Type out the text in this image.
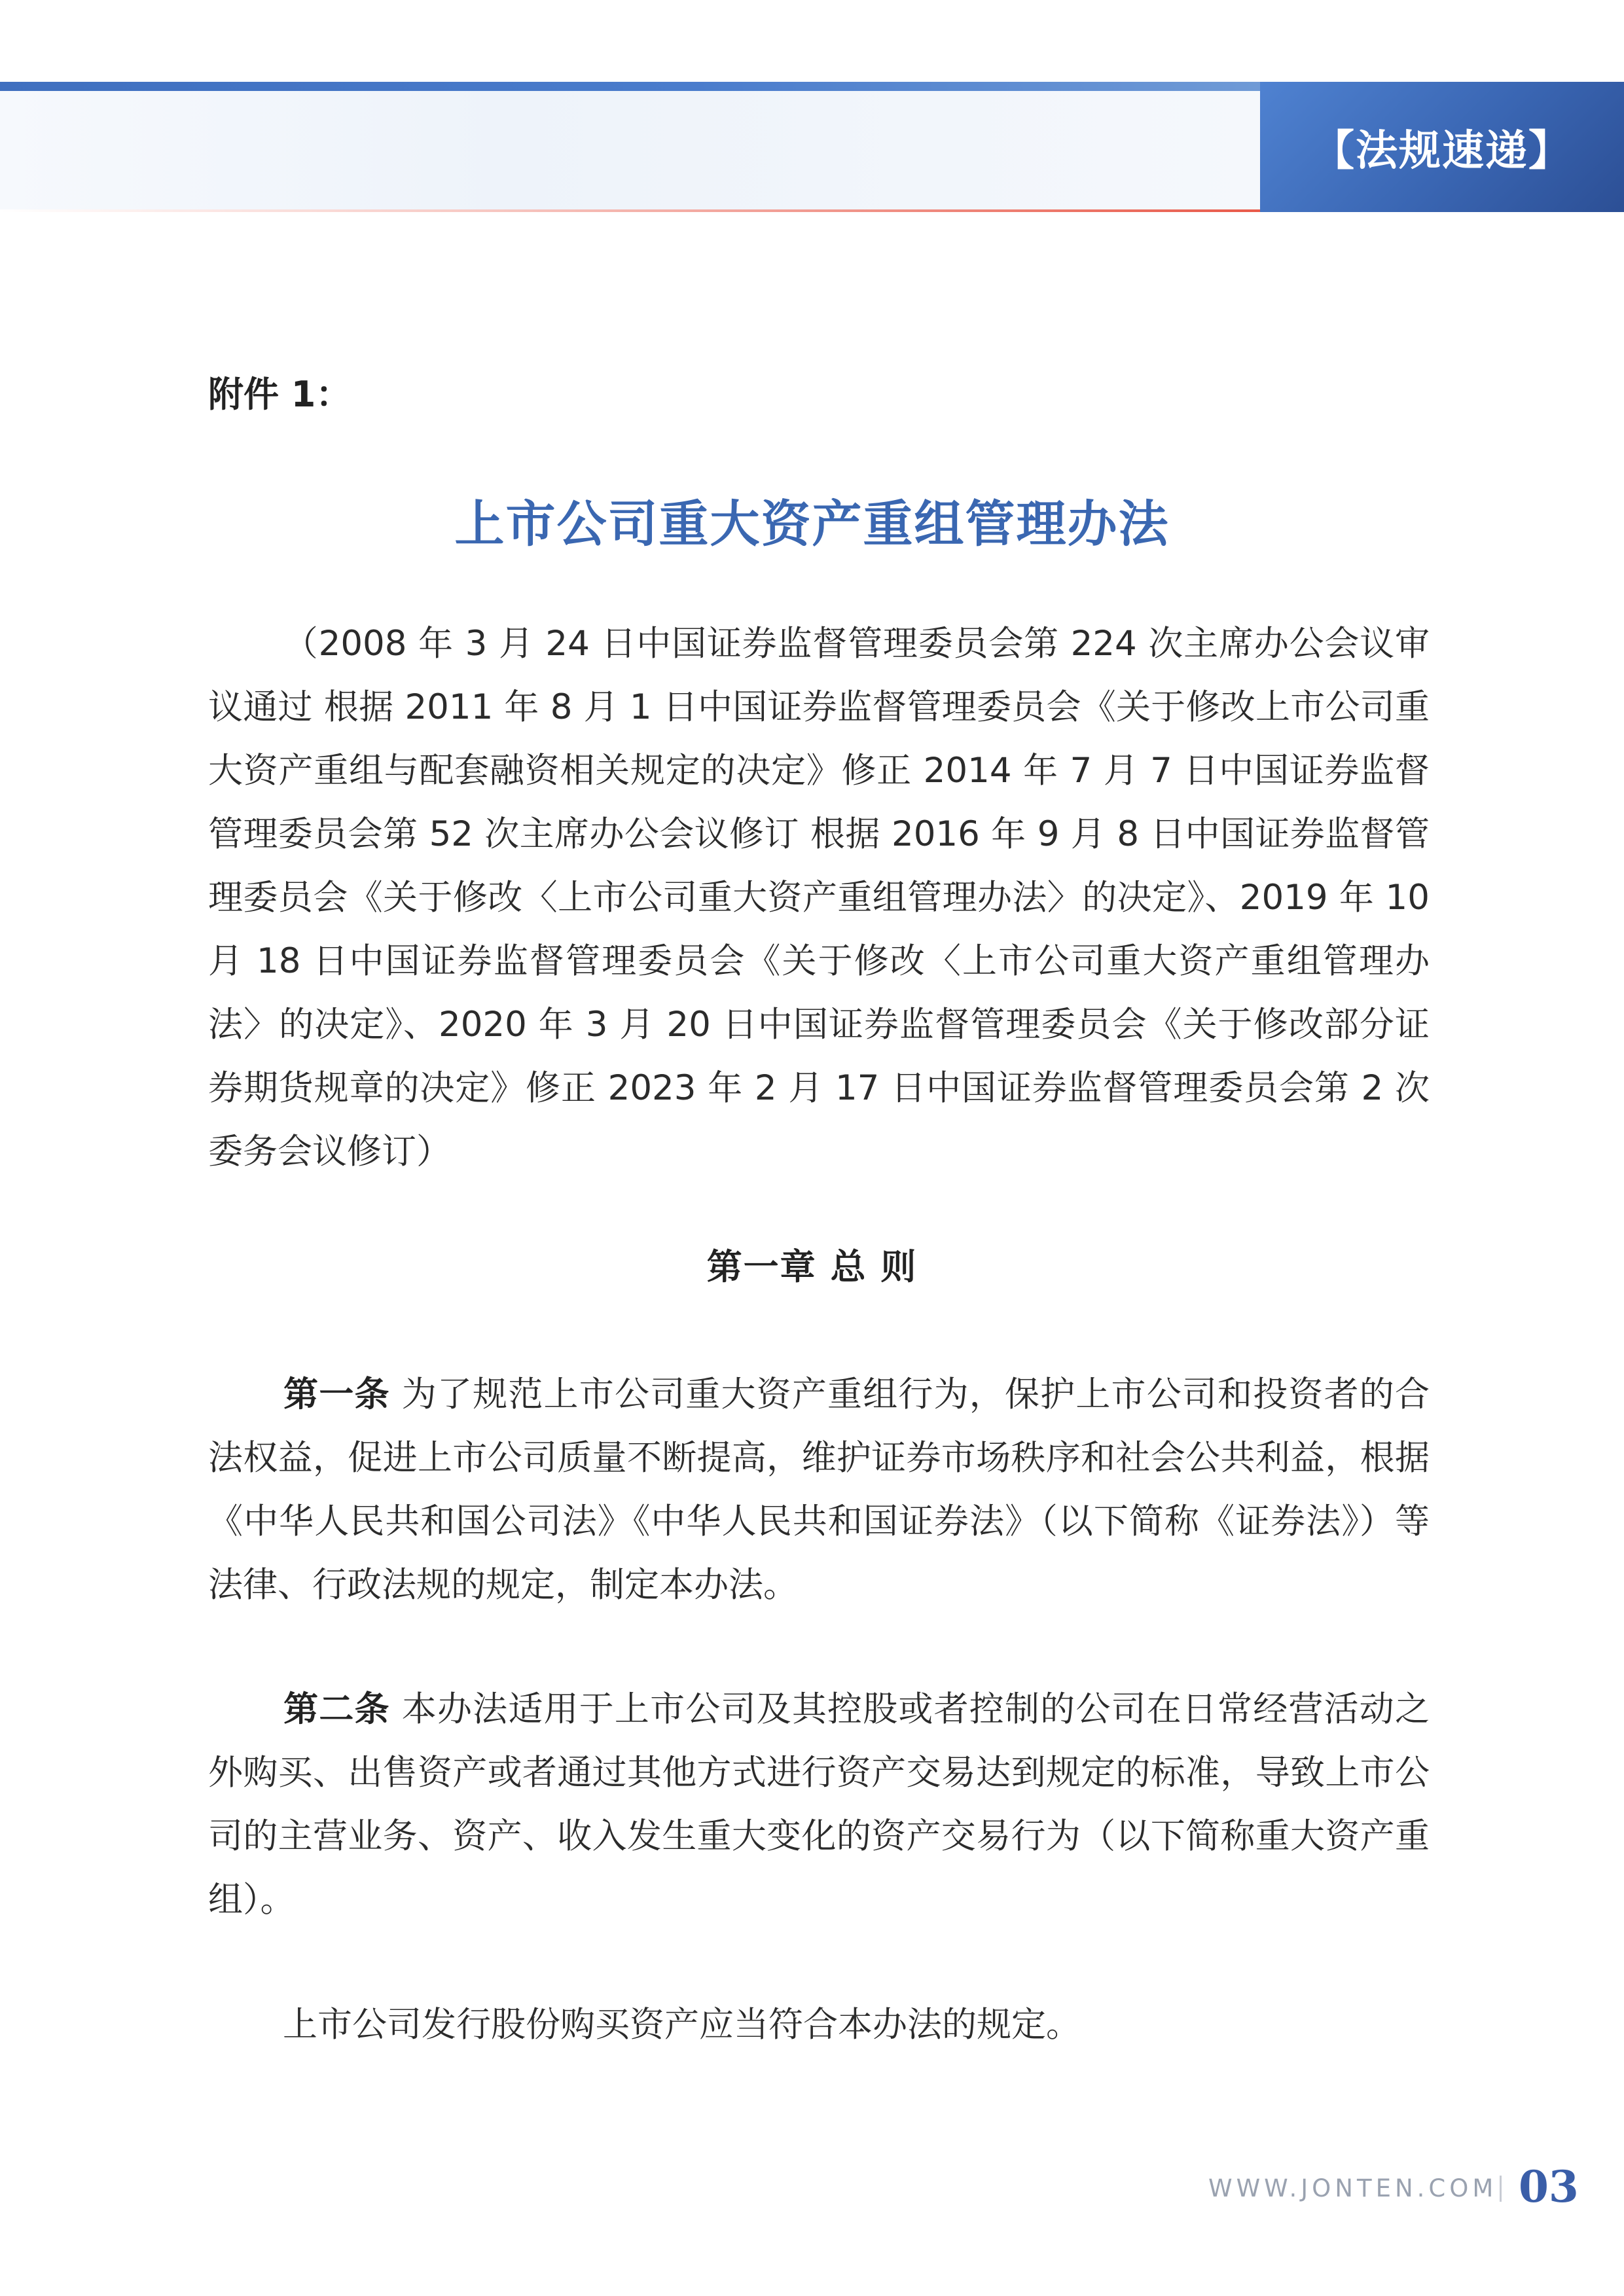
【法规速递】

附件 1：

上市公司重大资产重组管理办法

（2008 年 3 月 24 日中国证券监督管理委员会第 224 次主席办公会议审议通过 根据 2011 年 8 月 1 日中国证券监督管理委员会《关于修改上市公司重大资产重组与配套融资相关规定的决定》修正 2014 年 7 月 7 日中国证券监督管理委员会第 52 次主席办公会议修订 根据 2016 年 9 月 8 日中国证券监督管理委员会《关于修改〈上市公司重大资产重组管理办法〉的决定》、2019 年 10 月 18 日中国证券监督管理委员会《关于修改〈上市公司重大资产重组管理办法〉的决定》、2020 年 3 月 20 日中国证券监督管理委员会《关于修改部分证券期货规章的决定》修正 2023 年 2 月 17 日中国证券监督管理委员会第 2 次委务会议修订）

第一章 总 则

第一条 为了规范上市公司重大资产重组行为，保护上市公司和投资者的合法权益，促进上市公司质量不断提高，维护证券市场秩序和社会公共利益，根据《中华人民共和国公司法》《中华人民共和国证券法》（以下简称《证券法》）等法律、行政法规的规定，制定本办法。

第二条 本办法适用于上市公司及其控股或者控制的公司在日常经营活动之外购买、出售资产或者通过其他方式进行资产交易达到规定的标准，导致上市公司的主营业务、资产、收入发生重大变化的资产交易行为（以下简称重大资产重组）。

上市公司发行股份购买资产应当符合本办法的规定。

WWW.JONTEN.COM 03
